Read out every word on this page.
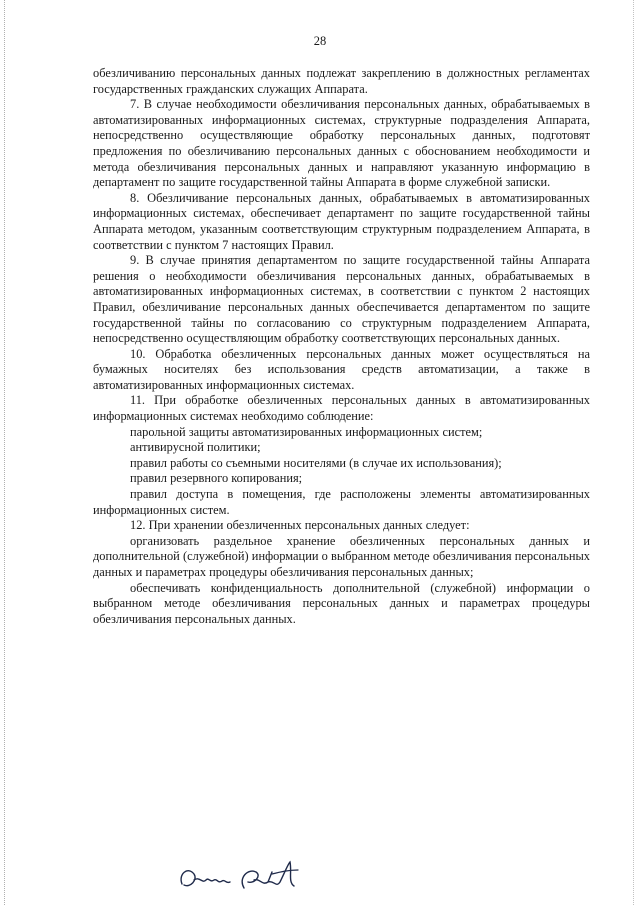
28

обезличиванию персональных данных подлежат закреплению в должностных регламентах государственных гражданских служащих Аппарата.

7. В случае необходимости обезличивания персональных данных, обрабатываемых в автоматизированных информационных системах, структурные подразделения Аппарата, непосредственно осуществляющие обработку персональных данных, подготовят предложения по обезличиванию персональных данных с обоснованием необходимости и метода обезличивания персональных данных и направляют указанную информацию в департамент по защите государственной тайны Аппарата в форме служебной записки.

8. Обезличивание персональных данных, обрабатываемых в автоматизированных информационных системах, обеспечивает департамент по защите государственной тайны Аппарата методом, указанным соответствующим структурным подразделением Аппарата, в соответствии с пунктом 7 настоящих Правил.

9. В случае принятия департаментом по защите государственной тайны Аппарата решения о необходимости обезличивания персональных данных, обрабатываемых в автоматизированных информационных системах, в соответствии с пунктом 2 настоящих Правил, обезличивание персональных данных обеспечивается департаментом по защите государственной тайны по согласованию со структурным подразделением Аппарата, непосредственно осуществляющим обработку соответствующих персональных данных.

10. Обработка обезличенных персональных данных может осуществляться на бумажных носителях без использования средств автоматизации, а также в автоматизированных информационных системах.

11. При обработке обезличенных персональных данных в автоматизированных информационных системах необходимо соблюдение:

парольной защиты автоматизированных информационных систем;

антивирусной политики;

правил работы со съемными носителями (в случае их использования);

правил резервного копирования;

правил доступа в помещения, где расположены элементы автоматизированных информационных систем.

12. При хранении обезличенных персональных данных следует:

организовать раздельное хранение обезличенных персональных данных и дополнительной (служебной) информации о выбранном методе обезличивания персональных данных и параметрах процедуры обезличивания персональных данных;

обеспечивать конфиденциальность дополнительной (служебной) информации о выбранном методе обезличивания персональных данных и параметрах процедуры обезличивания персональных данных.
